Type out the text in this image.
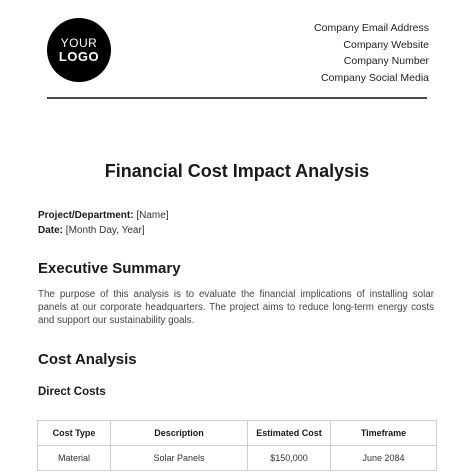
YOUR
LOGO
Company Email Address
Company Website
Company Number
Company Social Media
Financial Cost Impact Analysis
Project/Department: [Name]
Date: [Month Day, Year]
Executive Summary
The purpose of this analysis is to evaluate the financial implications of installing solar panels at our corporate headquarters. The project aims to reduce long-term energy costs and support our sustainability goals.
Cost Analysis
Direct Costs
Cost Type	Description	Estimated Cost	Timeframe
Material	Solar Panels	$150,000	June 2084
